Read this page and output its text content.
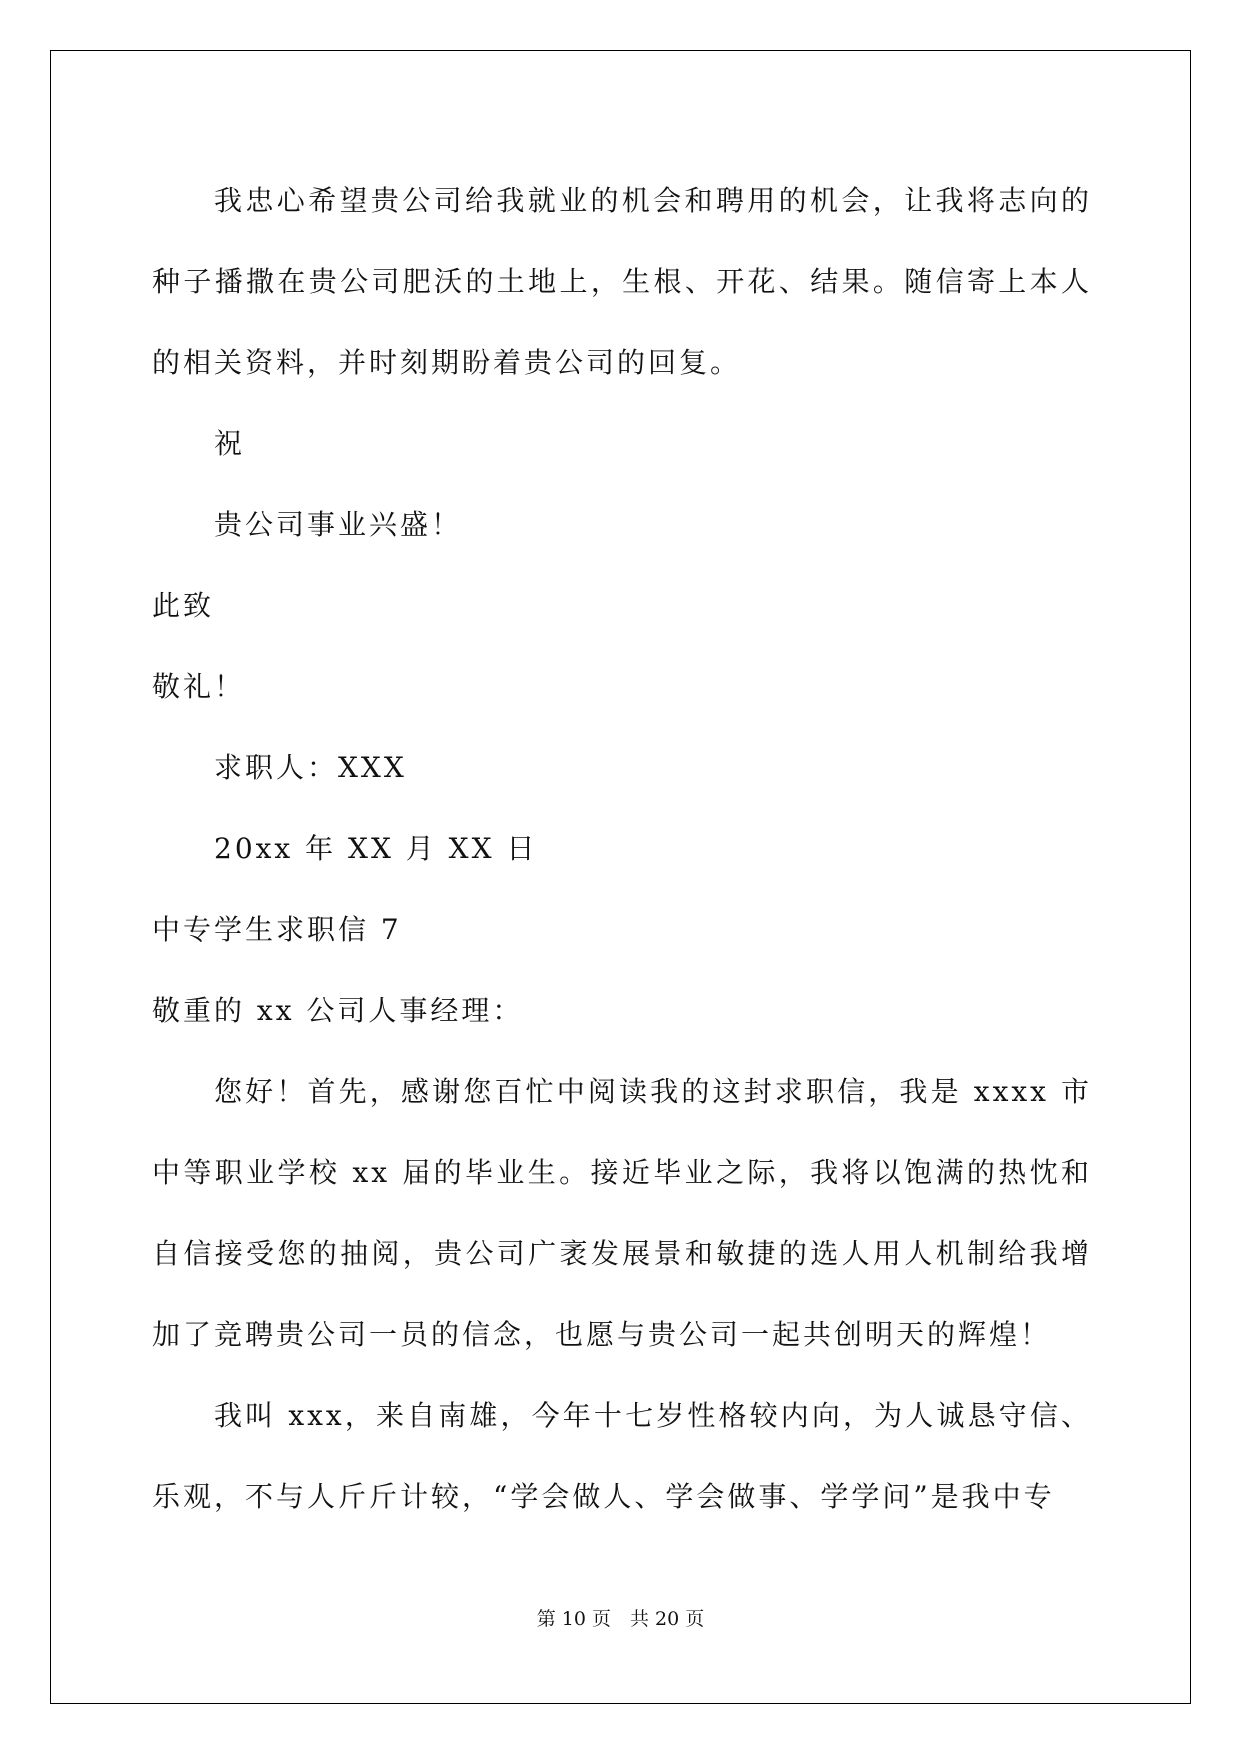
我忠心希望贵公司给我就业的机会和聘用的机会，让我将志向的种子播撒在贵公司肥沃的土地上，生根、开花、结果。随信寄上本人的相关资料，并时刻期盼着贵公司的回复。

祝

贵公司事业兴盛！

此致

敬礼！

求职人：XXX

20xx 年 XX 月 XX 日

中专学生求职信 7

敬重的 xx 公司人事经理：

您好！首先，感谢您百忙中阅读我的这封求职信，我是 xxxx 市中等职业学校 xx 届的毕业生。接近毕业之际，我将以饱满的热忱和自信接受您的抽阅，贵公司广袤发展景和敏捷的选人用人机制给我增加了竞聘贵公司一员的信念，也愿与贵公司一起共创明天的辉煌！

我叫 xxx，来自南雄，今年十七岁性格较内向，为人诚恳守信、乐观，不与人斤斤计较，“学会做人、学会做事、学学问”是我中专

第 10 页　共 20 页
